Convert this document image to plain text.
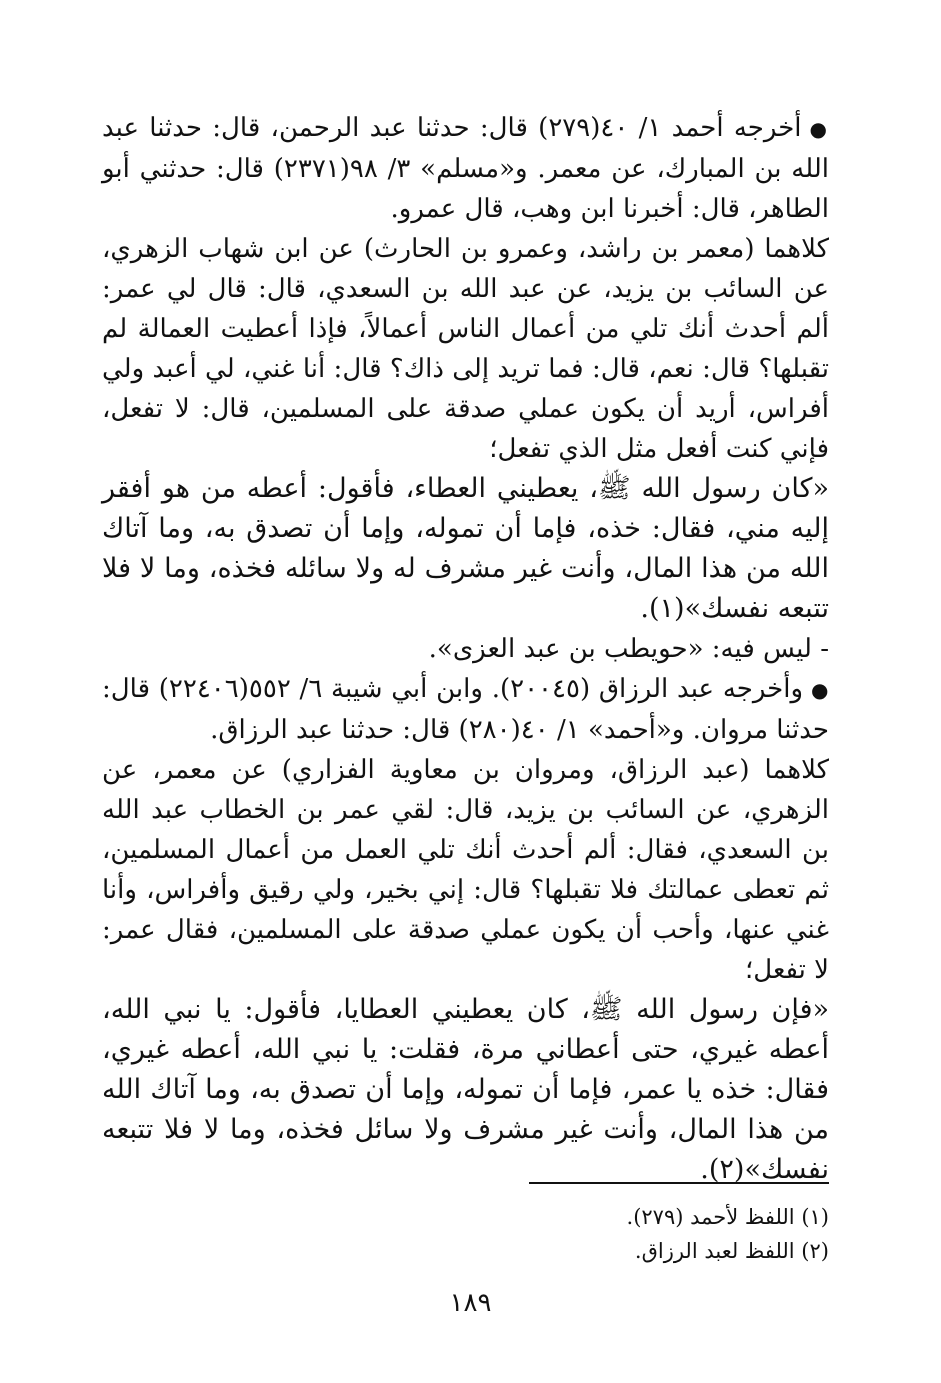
●أخرجه أحمد ١/ ٤٠(٢٧٩) قال: حدثنا عبد الرحمن، قال: حدثنا عبد الله بن المبارك، عن معمر. و«مسلم» ٣/ ٩٨(٢٣٧١) قال: حدثني أبو الطاهر، قال: أخبرنا ابن وهب، قال عمرو.

كلاهما (معمر بن راشد، وعمرو بن الحارث) عن ابن شهاب الزهري، عن السائب بن يزيد، عن عبد الله بن السعدي، قال: قال لي عمر: ألم أحدث أنك تلي من أعمال الناس أعمالاً، فإذا أعطيت العمالة لم تقبلها؟ قال: نعم، قال: فما تريد إلى ذاك؟ قال: أنا غني، لي أعبد ولي أفراس، أريد أن يكون عملي صدقة على المسلمين، قال: لا تفعل، فإني كنت أفعل مثل الذي تفعل؛

«كان رسول الله ﷺ، يعطيني العطاء، فأقول: أعطه من هو أفقر إليه مني، فقال: خذه، فإما أن تموله، وإما أن تصدق به، وما آتاك الله من هذا المال، وأنت غير مشرف له ولا سائله فخذه، وما لا فلا تتبعه نفسك»(١).

- ليس فيه: «حويطب بن عبد العزى».

●وأخرجه عبد الرزاق (٢٠٠٤٥). وابن أبي شيبة ٦/ ٥٥٢(٢٢٤٠٦) قال: حدثنا مروان. و«أحمد» ١/ ٤٠(٢٨٠) قال: حدثنا عبد الرزاق.

كلاهما (عبد الرزاق، ومروان بن معاوية الفزاري) عن معمر، عن الزهري، عن السائب بن يزيد، قال: لقي عمر بن الخطاب عبد الله بن السعدي، فقال: ألم أحدث أنك تلي العمل من أعمال المسلمين، ثم تعطى عمالتك فلا تقبلها؟ قال: إني بخير، ولي رقيق وأفراس، وأنا غني عنها، وأحب أن يكون عملي صدقة على المسلمين، فقال عمر: لا تفعل؛

«فإن رسول الله ﷺ، كان يعطيني العطايا، فأقول: يا نبي الله، أعطه غيري، حتى أعطاني مرة، فقلت: يا نبي الله، أعطه غيري، فقال: خذه يا عمر، فإما أن تموله، وإما أن تصدق به، وما آتاك الله من هذا المال، وأنت غير مشرف ولا سائل فخذه، وما لا فلا تتبعه نفسك»(٢).

(١) اللفظ لأحمد (٢٧٩).

(٢) اللفظ لعبد الرزاق.

١٨٩
